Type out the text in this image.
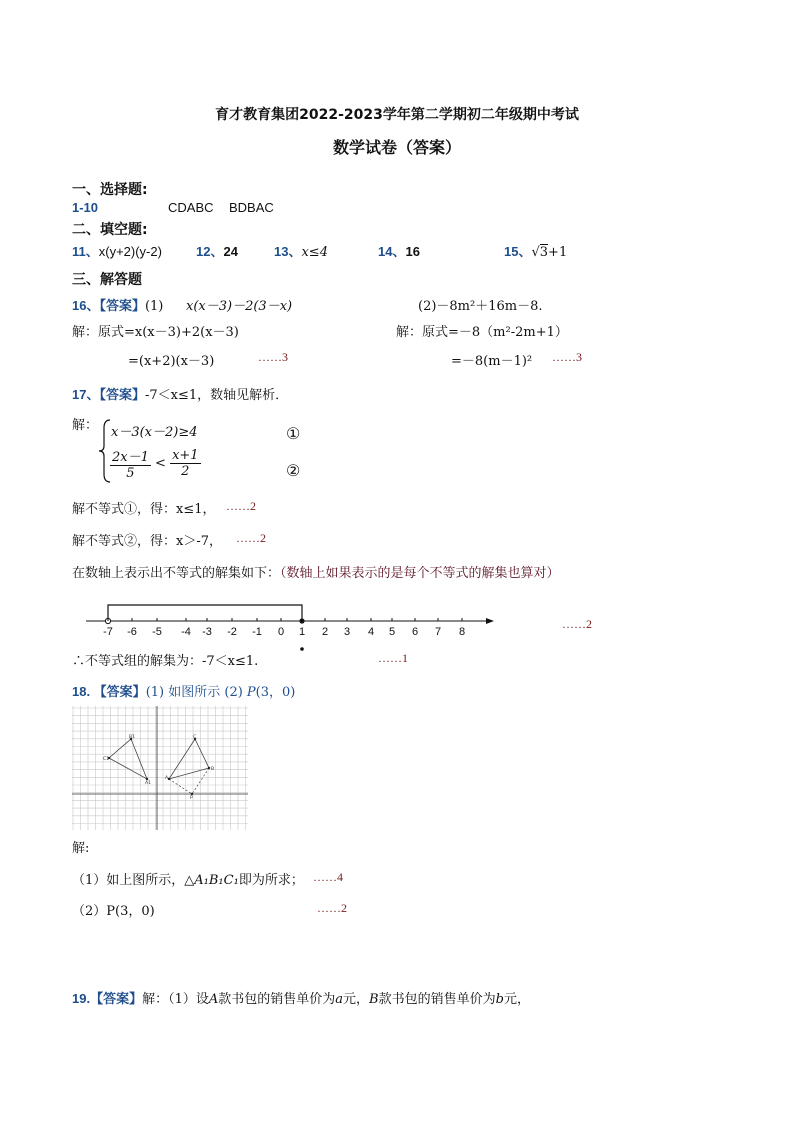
育才教育集团2022-2023学年第二学期初二年级期中考试
数学试卷（答案）
一、选择题:
1-10	CDABC BDBAC
二、填空题:
11、x(y+2)(y-2)	12、24	13、x≤4	14、16	15、√3+1
三、解答题
16、【答案】(1) x(x－3)－2(3－x)	(2)－8m²＋16m－8.
解：原式=x(x－3)+2(x－3)	解：原式=－8（m²-2m+1）
=(x+2)(x－3)	……3	=－8(m－1)² ……3
17、【答案】-7＜x≤1，数轴见解析．
解： x－3(x－2)≥4
$\frac{2x-1}{5} < \frac{x+1}{2}$
①
②
解不等式①，得：x≤1， ……2
解不等式②，得：x＞-7， ……2
在数轴上表示出不等式的解集如下：（数轴上如果表示的是每个不等式的解集也算对）
-7 -6 -5 -4 -3 -2 -1 0 1 2 3 4 5 6 7 8
……2
∴不等式组的解集为：-7＜x≤1.	……1
18. 【答案】(1) 如图所示 (2) P(3，0)
C1
B1
A1
C
B
A
P
解:
（1）如上图所示，△A₁B₁C₁即为所求； ……4
（2）P(3，0)	……2
19.【答案】解：（1）设A款书包的销售单价为a元，B款书包的销售单价为b元，
